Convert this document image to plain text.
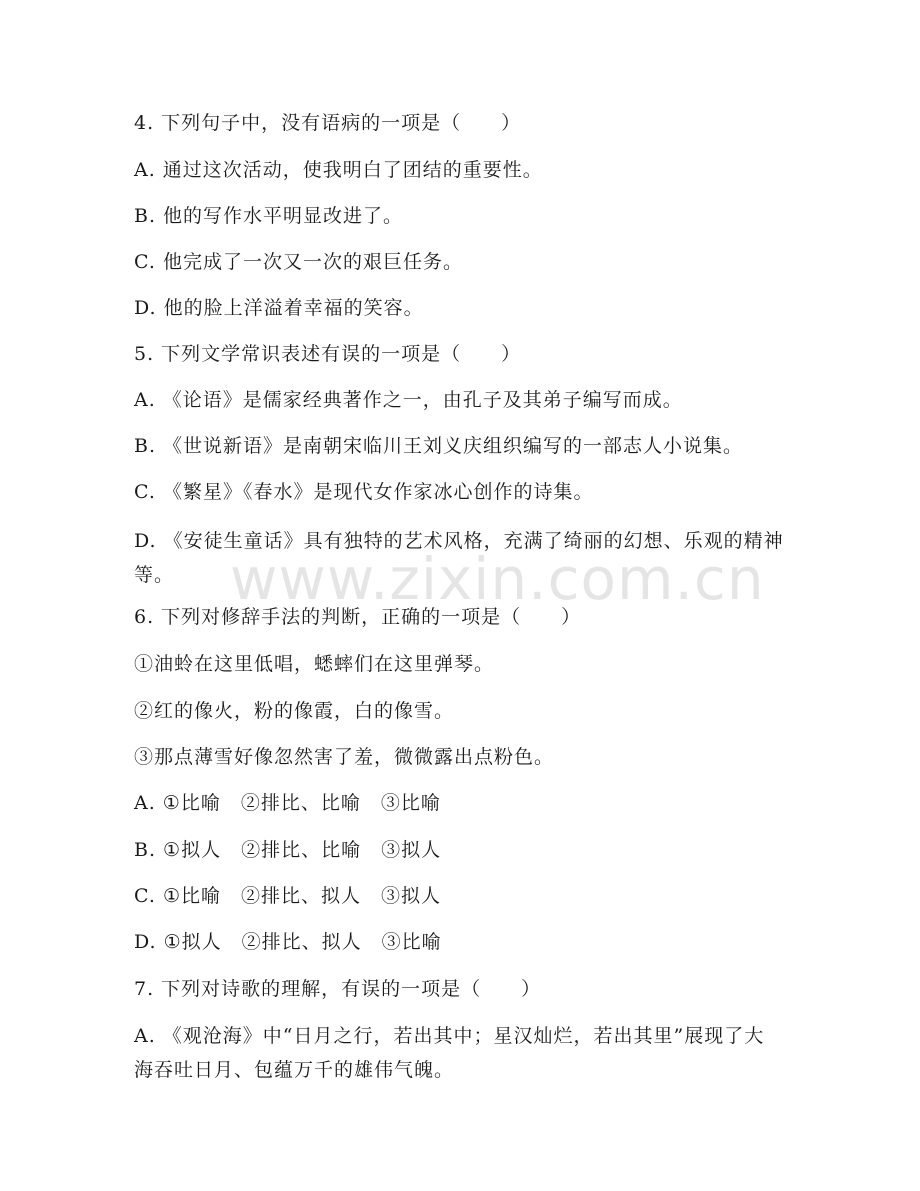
4. 下列句子中，没有语病的一项是（　　）
A. 通过这次活动，使我明白了团结的重要性。
B. 他的写作水平明显改进了。
C. 他完成了一次又一次的艰巨任务。
D. 他的脸上洋溢着幸福的笑容。
5. 下列文学常识表述有误的一项是（　　）
A. 《论语》是儒家经典著作之一，由孔子及其弟子编写而成。
B. 《世说新语》是南朝宋临川王刘义庆组织编写的一部志人小说集。
C. 《繁星》《春水》是现代女作家冰心创作的诗集。
D. 《安徒生童话》具有独特的艺术风格，充满了绮丽的幻想、乐观的精神等。
6. 下列对修辞手法的判断，正确的一项是（　　）
①油蛉在这里低唱，蟋蟀们在这里弹琴。
②红的像火，粉的像霞，白的像雪。
③那点薄雪好像忽然害了羞，微微露出点粉色。
A. ①比喻　②排比、比喻　③比喻
B. ①拟人　②排比、比喻　③拟人
C. ①比喻　②排比、拟人　③拟人
D. ①拟人　②排比、拟人　③比喻
7. 下列对诗歌的理解，有误的一项是（　　）
A. 《观沧海》中“日月之行，若出其中；星汉灿烂，若出其里”展现了大海吞吐日月、包蕴万千的雄伟气魄。
www.zixin.com.cn
